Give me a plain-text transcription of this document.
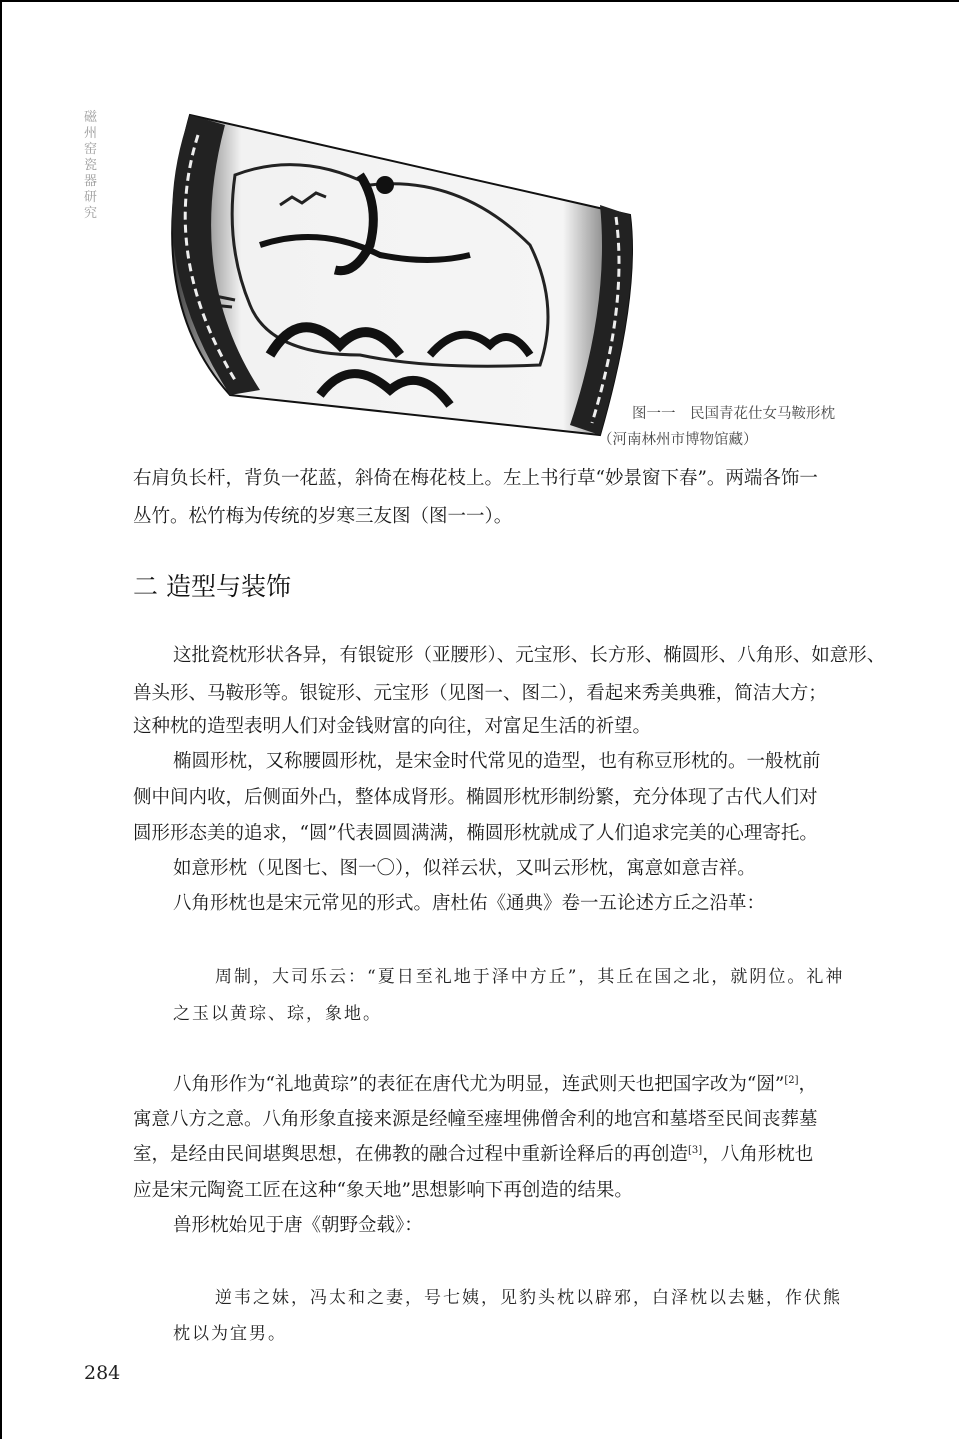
磁州窑瓷器研究
图一一　民国青花仕女马鞍形枕
（河南林州市博物馆藏）
右肩负长杆，背负一花蓝，斜倚在梅花枝上。左上书行草“妙景窗下春”。两端各饰一
丛竹。松竹梅为传统的岁寒三友图（图一一）。
二 造型与装饰
这批瓷枕形状各异，有银锭形（亚腰形）、元宝形、长方形、椭圆形、八角形、如意形、
兽头形、马鞍形等。银锭形、元宝形（见图一、图二），看起来秀美典雅，简洁大方；
这种枕的造型表明人们对金钱财富的向往，对富足生活的祈望。
椭圆形枕，又称腰圆形枕，是宋金时代常见的造型，也有称豆形枕的。一般枕前
侧中间内收，后侧面外凸，整体成肾形。椭圆形枕形制纷繁，充分体现了古代人们对
圆形形态美的追求，“圆”代表圆圆满满，椭圆形枕就成了人们追求完美的心理寄托。
如意形枕（见图七、图一〇），似祥云状，又叫云形枕，寓意如意吉祥。
八角形枕也是宋元常见的形式。唐杜佑《通典》卷一五论述方丘之沿革：
周制，大司乐云：“夏日至礼地于泽中方丘”，其丘在国之北，就阴位。礼神
之玉以黄琮、琮，象地。
八角形作为“礼地黄琮”的表征在唐代尤为明显，连武则天也把国字改为“圀”[2]，
寓意八方之意。八角形象直接来源是经幢至瘗埋佛僧舍利的地宫和墓塔至民间丧葬墓
室，是经由民间堪舆思想，在佛教的融合过程中重新诠释后的再创造[3]，八角形枕也
应是宋元陶瓷工匠在这种“象天地”思想影响下再创造的结果。
兽形枕始见于唐《朝野佥载》：
逆韦之妹，冯太和之妻，号七姨，见豹头枕以辟邪，白泽枕以去魅，作伏熊
枕以为宜男。
284
